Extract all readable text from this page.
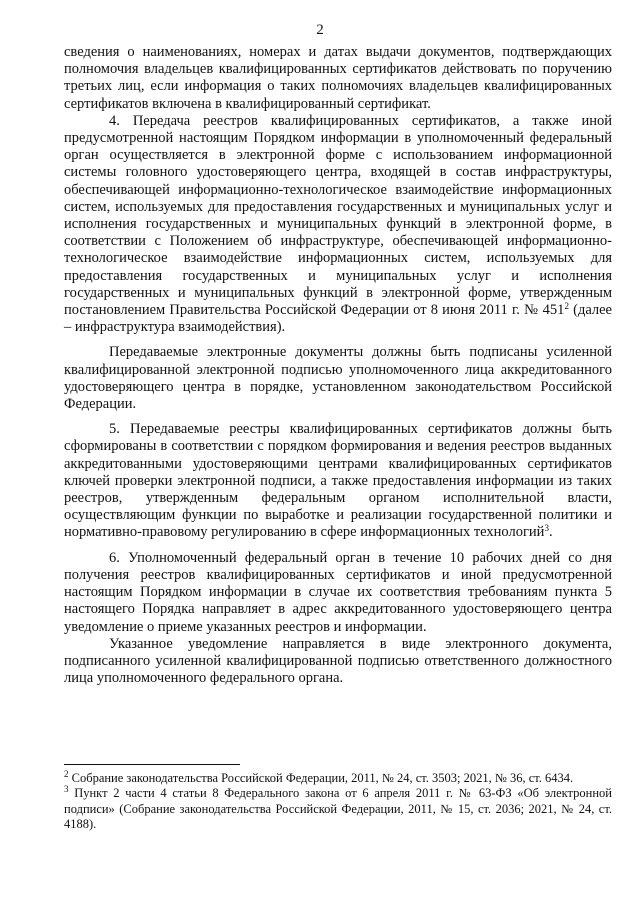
2

сведения о наименованиях, номерах и датах выдачи документов, подтверждающих полномочия владельцев квалифицированных сертификатов действовать по поручению третьих лиц, если информация о таких полномочиях владельцев квалифицированных сертификатов включена в квалифицированный сертификат.

4. Передача реестров квалифицированных сертификатов, а также иной предусмотренной настоящим Порядком информации в уполномоченный федеральный орган осуществляется в электронной форме с использованием информационной системы головного удостоверяющего центра, входящей в состав инфраструктуры, обеспечивающей информационно-технологическое взаимодействие информационных систем, используемых для предоставления государственных и муниципальных услуг и исполнения государственных и муниципальных функций в электронной форме, в соответствии с Положением об инфраструктуре, обеспечивающей информационно-технологическое взаимодействие информационных систем, используемых для предоставления государственных и муниципальных услуг и исполнения государственных и муниципальных функций в электронной форме, утвержденным постановлением Правительства Российской Федерации от 8 июня 2011 г. № $451^2$ (далее – инфраструктура взаимодействия).

Передаваемые электронные документы должны быть подписаны усиленной квалифицированной электронной подписью уполномоченного лица аккредитованного удостоверяющего центра в порядке, установленном законодательством Российской Федерации.

5. Передаваемые реестры квалифицированных сертификатов должны быть сформированы в соответствии с порядком формирования и ведения реестров выданных аккредитованными удостоверяющими центрами квалифицированных сертификатов ключей проверки электронной подписи, а также предоставления информации из таких реестров, утвержденным федеральным органом исполнительной власти, осуществляющим функции по выработке и реализации государственной политики и нормативно-правовому регулированию в сфере информационных технологий$^3$.

6. Уполномоченный федеральный орган в течение 10 рабочих дней со дня получения реестров квалифицированных сертификатов и иной предусмотренной настоящим Порядком информации в случае их соответствия требованиям пункта 5 настоящего Порядка направляет в адрес аккредитованного удостоверяющего центра уведомление о приеме указанных реестров и информации.

Указанное уведомление направляется в виде электронного документа, подписанного усиленной квалифицированной подписью ответственного должностного лица уполномоченного федерального органа.

$^2$ Собрание законодательства Российской Федерации, 2011, № 24, ст. 3503; 2021, № 36, ст. 6434.

$^3$ Пункт 2 части 4 статьи 8 Федерального закона от 6 апреля 2011 г. № 63-ФЗ «Об электронной подписи» (Собрание законодательства Российской Федерации, 2011, № 15, ст. 2036; 2021, № 24, ст. 4188).
